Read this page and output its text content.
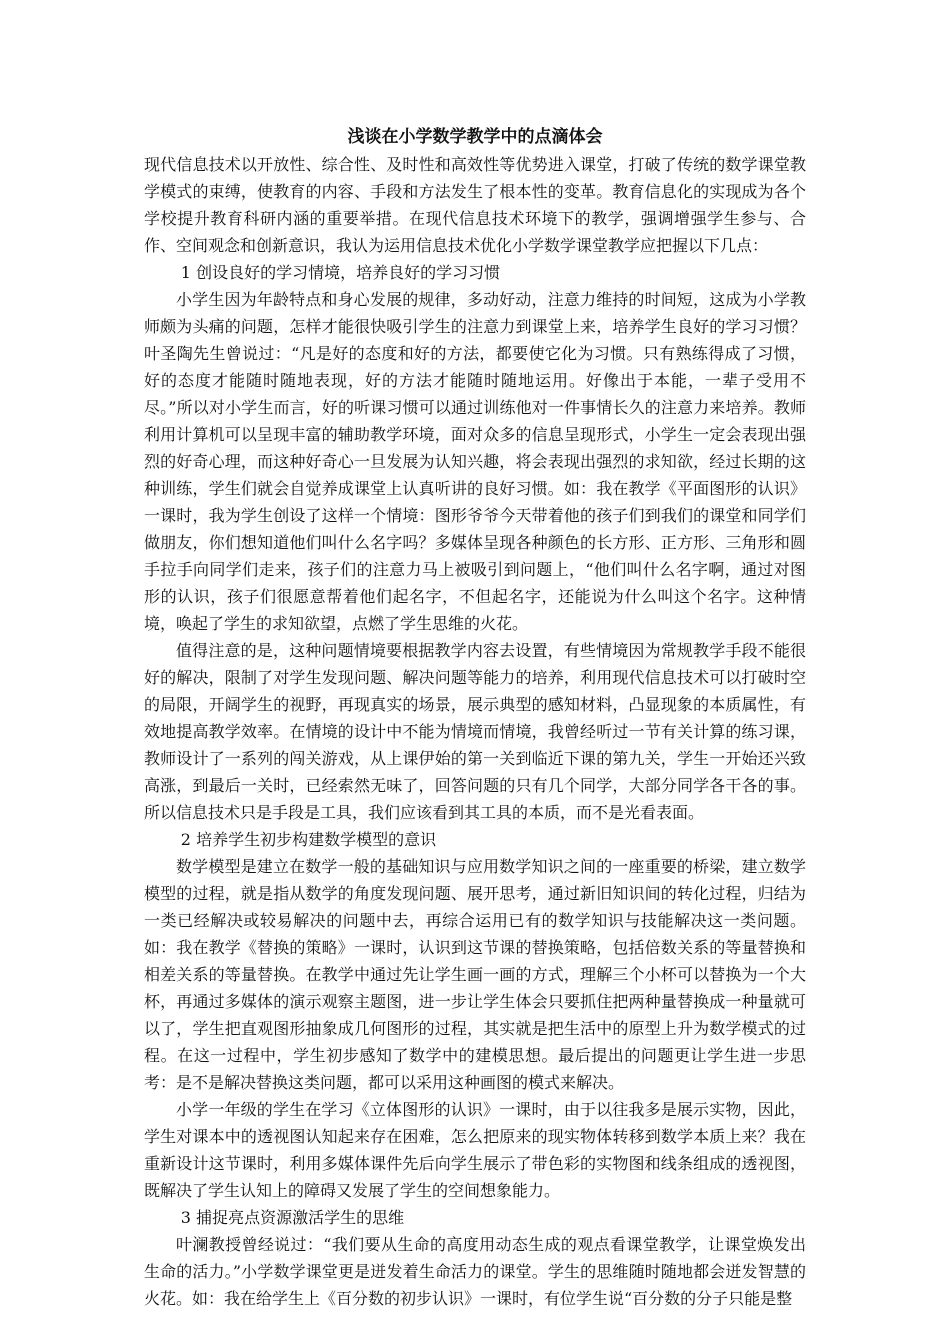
浅谈在小学数学教学中的点滴体会

现代信息技术以开放性、综合性、及时性和高效性等优势进入课堂，打破了传统的数学课堂教学模式的束缚，使教育的内容、手段和方法发生了根本性的变革。教育信息化的实现成为各个学校提升教育科研内涵的重要举措。在现代信息技术环境下的教学，强调增强学生参与、合作、空间观念和创新意识，我认为运用信息技术优化小学数学课堂教学应把握以下几点：

1 创设良好的学习情境，培养良好的学习习惯

小学生因为年龄特点和身心发展的规律，多动好动，注意力维持的时间短，这成为小学教师颇为头痛的问题，怎样才能很快吸引学生的注意力到课堂上来，培养学生良好的学习习惯？叶圣陶先生曾说过：“凡是好的态度和好的方法，都要使它化为习惯。只有熟练得成了习惯，好的态度才能随时随地表现，好的方法才能随时随地运用。好像出于本能，一辈子受用不尽。”所以对小学生而言，好的听课习惯可以通过训练他对一件事情长久的注意力来培养。教师利用计算机可以呈现丰富的辅助教学环境，面对众多的信息呈现形式，小学生一定会表现出强烈的好奇心理，而这种好奇心一旦发展为认知兴趣，将会表现出强烈的求知欲，经过长期的这种训练，学生们就会自觉养成课堂上认真听讲的良好习惯。如：我在教学《平面图形的认识》一课时，我为学生创设了这样一个情境：图形爷爷今天带着他的孩子们到我们的课堂和同学们做朋友，你们想知道他们叫什么名字吗？多媒体呈现各种颜色的长方形、正方形、三角形和圆手拉手向同学们走来，孩子们的注意力马上被吸引到问题上，“他们叫什么名字啊，通过对图形的认识，孩子们很愿意帮着他们起名字，不但起名字，还能说为什么叫这个名字。这种情境，唤起了学生的求知欲望，点燃了学生思维的火花。

值得注意的是，这种问题情境要根据教学内容去设置，有些情境因为常规教学手段不能很好的解决，限制了对学生发现问题、解决问题等能力的培养，利用现代信息技术可以打破时空的局限，开阔学生的视野，再现真实的场景，展示典型的感知材料，凸显现象的本质属性，有效地提高教学效率。在情境的设计中不能为情境而情境，我曾经听过一节有关计算的练习课，教师设计了一系列的闯关游戏，从上课伊始的第一关到临近下课的第九关，学生一开始还兴致高涨，到最后一关时，已经索然无味了，回答问题的只有几个同学，大部分同学各干各的事。所以信息技术只是手段是工具，我们应该看到其工具的本质，而不是光看表面。

2 培养学生初步构建数学模型的意识

数学模型是建立在数学一般的基础知识与应用数学知识之间的一座重要的桥梁，建立数学模型的过程，就是指从数学的角度发现问题、展开思考，通过新旧知识间的转化过程，归结为一类已经解决或较易解决的问题中去，再综合运用已有的数学知识与技能解决这一类问题。如：我在教学《替换的策略》一课时，认识到这节课的替换策略，包括倍数关系的等量替换和相差关系的等量替换。在教学中通过先让学生画一画的方式，理解三个小杯可以替换为一个大杯，再通过多媒体的演示观察主题图，进一步让学生体会只要抓住把两种量替换成一种量就可以了，学生把直观图形抽象成几何图形的过程，其实就是把生活中的原型上升为数学模式的过程。在这一过程中，学生初步感知了数学中的建模思想。最后提出的问题更让学生进一步思考：是不是解决替换这类问题，都可以采用这种画图的模式来解决。

小学一年级的学生在学习《立体图形的认识》一课时，由于以往我多是展示实物，因此，学生对课本中的透视图认知起来存在困难，怎么把原来的现实物体转移到数学本质上来？我在重新设计这节课时，利用多媒体课件先后向学生展示了带色彩的实物图和线条组成的透视图，既解决了学生认知上的障碍又发展了学生的空间想象能力。

3 捕捉亮点资源激活学生的思维

叶澜教授曾经说过：“我们要从生命的高度用动态生成的观点看课堂教学，让课堂焕发出生命的活力。”小学数学课堂更是迸发着生命活力的课堂。学生的思维随时随地都会迸发智慧的火花。如：我在给学生上《百分数的初步认识》一课时，有位学生说“百分数的分子只能是整
